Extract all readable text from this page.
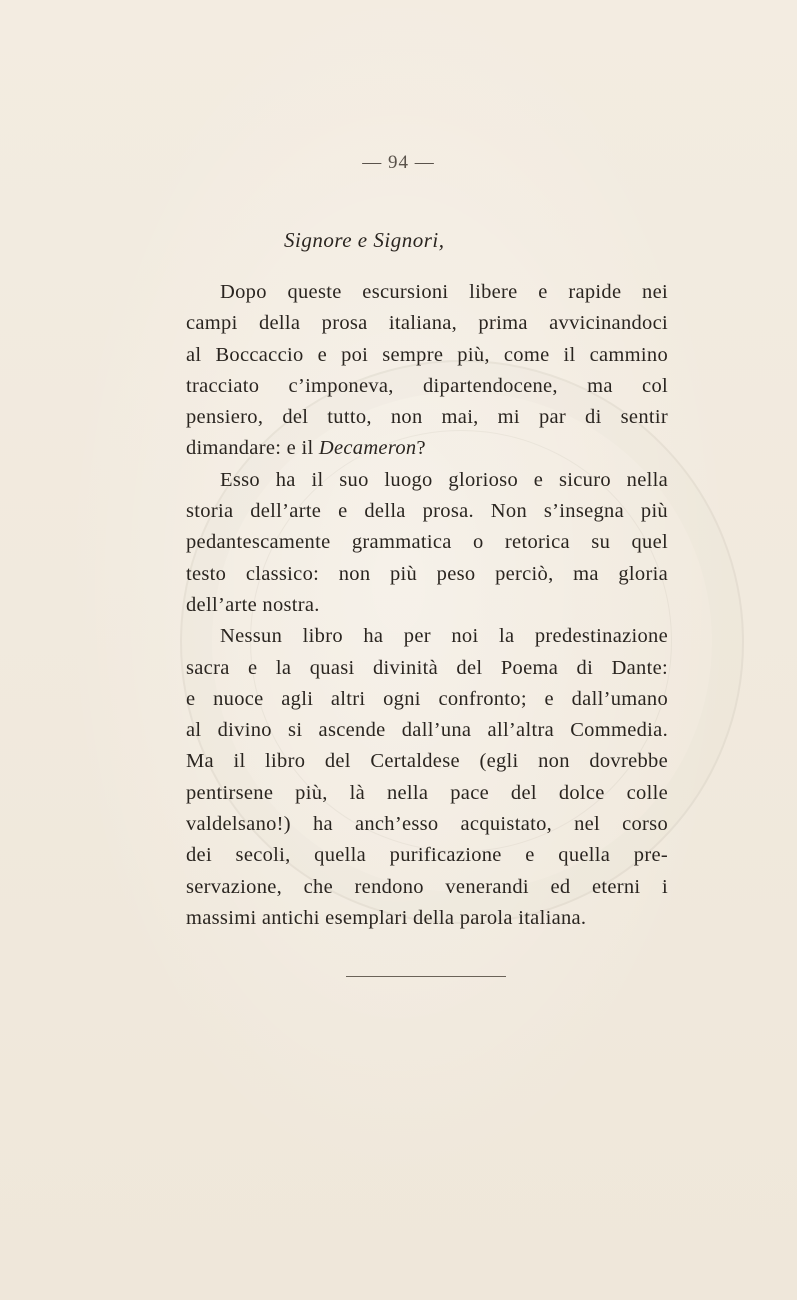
— 94 —
Signore e Signori,
Dopo queste escursioni libere e rapide nei
campi della prosa italiana, prima avvicinandoci
al Boccaccio e poi sempre più, come il cammino
tracciato c’imponeva, dipartendocene, ma col
pensiero, del tutto, non mai, mi par di sentir
dimandare: e il Decameron?
Esso ha il suo luogo glorioso e sicuro nella
storia dell’arte e della prosa. Non s’insegna più
pedantescamente grammatica o retorica su quel
testo classico: non più peso perciò, ma gloria
dell’arte nostra.
Nessun libro ha per noi la predestinazione
sacra e la quasi divinità del Poema di Dante:
e nuoce agli altri ogni confronto; e dall’umano
al divino si ascende dall’una all’altra Commedia.
Ma il libro del Certaldese (egli non dovrebbe
pentirsene più, là nella pace del dolce colle
valdelsano!) ha anch’esso acquistato, nel corso
dei secoli, quella purificazione e quella pre-
servazione, che rendono venerandi ed eterni i
massimi antichi esemplari della parola italiana.
